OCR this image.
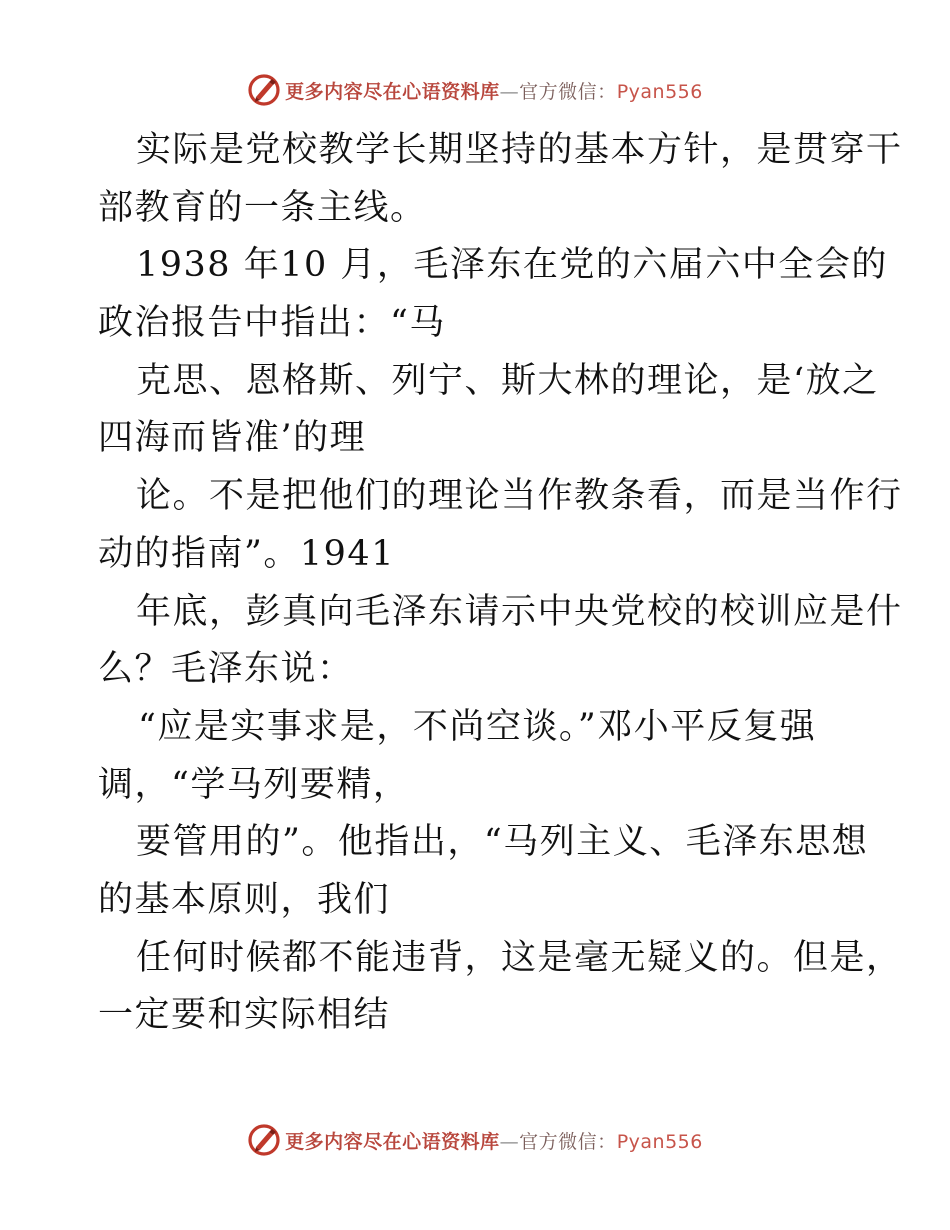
更多内容尽在心语资料库—官方微信：Pyan556
实际是党校教学长期坚持的基本方针，是贯穿干
部教育的一条主线。
1938 年10 月，毛泽东在党的六届六中全会的
政治报告中指出：“马
克思、恩格斯、列宁、斯大林的理论，是‘放之
四海而皆准’的理
论。不是把他们的理论当作教条看，而是当作行
动的指南”。1941
年底，彭真向毛泽东请示中央党校的校训应是什
么？毛泽东说：
“应是实事求是，不尚空谈。”邓小平反复强
调，“学马列要精，
要管用的”。他指出，“马列主义、毛泽东思想
的基本原则，我们
任何时候都不能违背，这是毫无疑义的。但是，
一定要和实际相结
更多内容尽在心语资料库—官方微信：Pyan556
